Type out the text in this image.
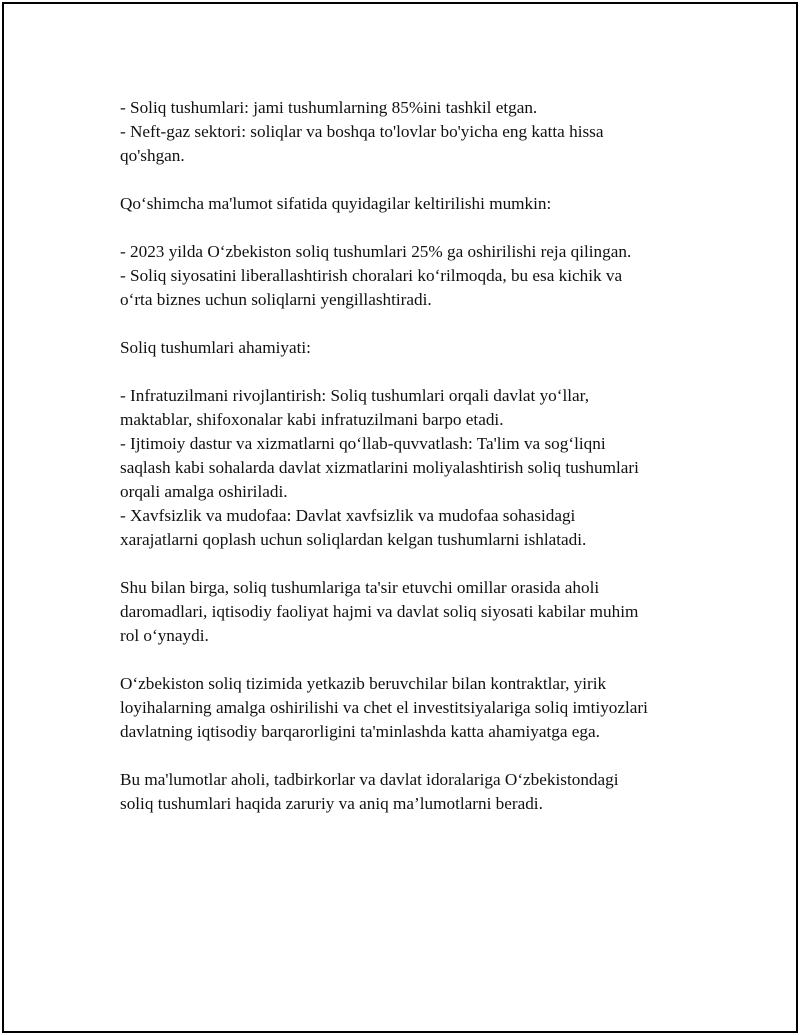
- Soliq tushumlari: jami tushumlarning 85%ini tashkil etgan.
- Neft-gaz sektori: soliqlar va boshqa to'lovlar bo'yicha eng katta hissa
qo'shgan.
Qo‘shimcha ma'lumot sifatida quyidagilar keltirilishi mumkin:
- 2023 yilda O‘zbekiston soliq tushumlari 25% ga oshirilishi reja qilingan.
- Soliq siyosatini liberallashtirish choralari ko‘rilmoqda, bu esa kichik va
o‘rta biznes uchun soliqlarni yengillashtiradi.
Soliq tushumlari ahamiyati:
- Infratuzilmani rivojlantirish: Soliq tushumlari orqali davlat yo‘llar,
maktablar, shifoxonalar kabi infratuzilmani barpo etadi.
- Ijtimoiy dastur va xizmatlarni qo‘llab-quvvatlash: Ta'lim va sog‘liqni
saqlash kabi sohalarda davlat xizmatlarini moliyalashtirish soliq tushumlari
orqali amalga oshiriladi.
- Xavfsizlik va mudofaa: Davlat xavfsizlik va mudofaa sohasidagi
xarajatlarni qoplash uchun soliqlardan kelgan tushumlarni ishlatadi.
Shu bilan birga, soliq tushumlariga ta'sir etuvchi omillar orasida aholi
daromadlari, iqtisodiy faoliyat hajmi va davlat soliq siyosati kabilar muhim
rol o‘ynaydi.
O‘zbekiston soliq tizimida yetkazib beruvchilar bilan kontraktlar, yirik
loyihalarning amalga oshirilishi va chet el investitsiyalariga soliq imtiyozlari
davlatning iqtisodiy barqarorligini ta'minlashda katta ahamiyatga ega.
Bu ma'lumotlar aholi, tadbirkorlar va davlat idoralariga O‘zbekistondagi
soliq tushumlari haqida zaruriy va aniq ma’lumotlarni beradi.
